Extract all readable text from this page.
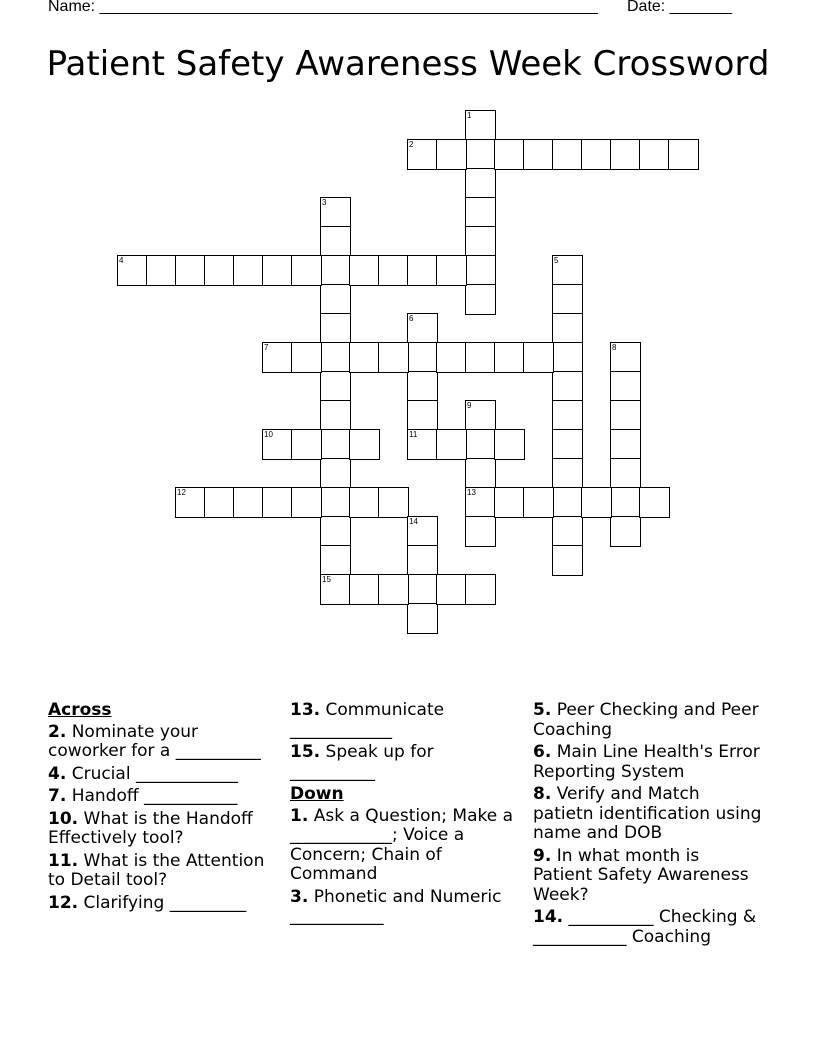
Name: ________________________________________________________ Date: _______
Patient Safety Awareness Week Crossword
1
2
3
15
4	5
6
11
7	8
9
13
10
12
14
Across
2. Nominate your coworker for a __________
4. Crucial ____________
7. Handoff ___________
10. What is the Handoff Effectively tool?
11. What is the Attention to Detail tool?
12. Clarifying _________
13. Communicate ____________
15. Speak up for __________
Down
1. Ask a Question; Make a ____________; Voice a Concern; Chain of Command
3. Phonetic and Numeric ___________
5. Peer Checking and Peer Coaching
6. Main Line Health's Error Reporting System
8. Verify and Match patietn identification using name and DOB
9. In what month is Patient Safety Awareness Week?
14. __________ Checking & ___________ Coaching
